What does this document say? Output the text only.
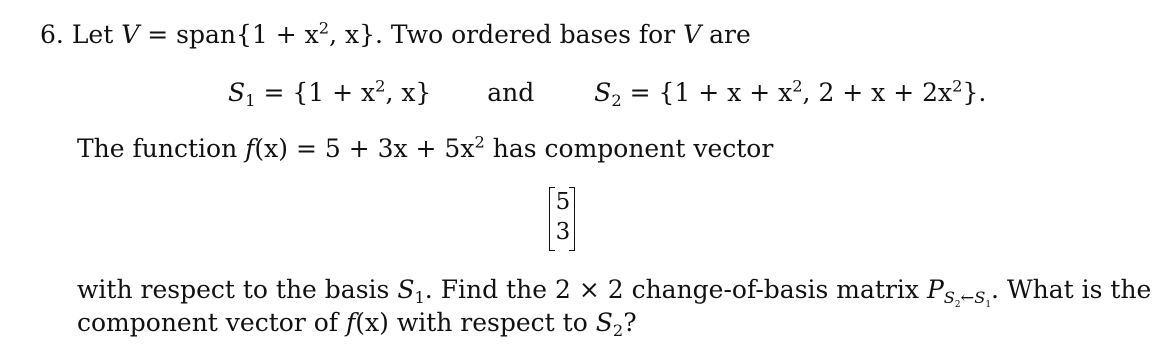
6. Let V = span{1 + $x^2$, x}. Two ordered bases for V are
$S_1 = \{1 + x^2$, x} and $S_2 = \{1 + x + x^2$, $2 + x + 2x^2$}.
The function $f(x) = 5 + 3x + 5x^2$ has component vector
5
3
with respect to the basis $S_1$. Find the 2 × 2 change-of-basis matrix $P_{S_2\leftarrow S_1}$. What is the
component vector of f(x) with respect to $S_2$?
